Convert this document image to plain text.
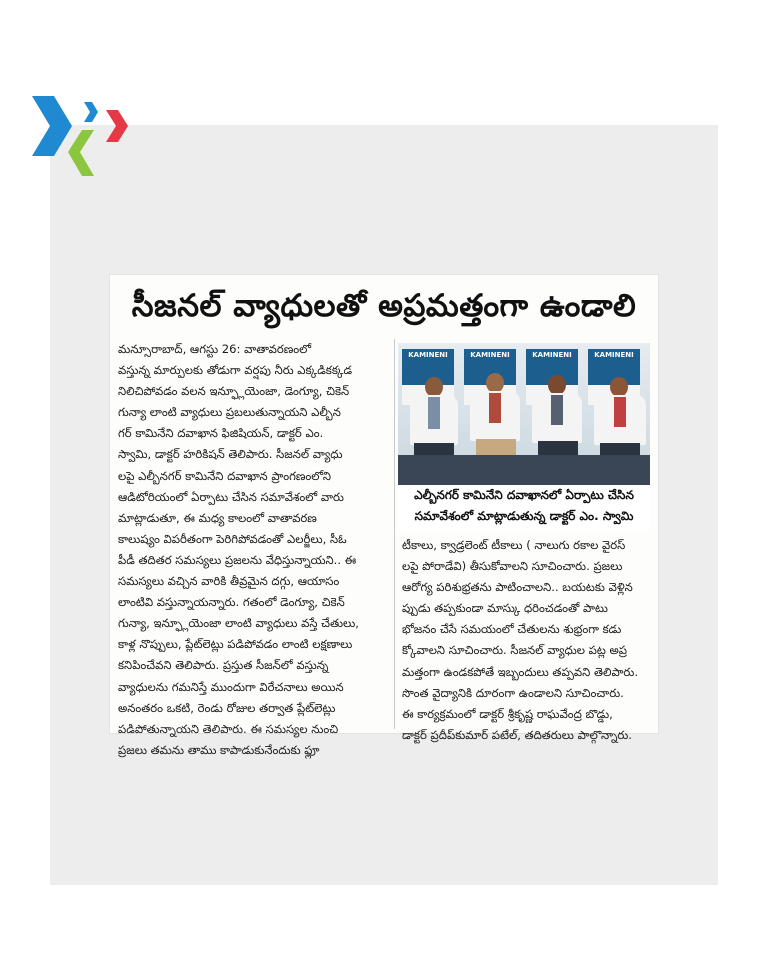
సీజనల్ వ్యాధులతో అప్రమత్తంగా ఉండాలి
మన్సూరాబాద్, ఆగస్టు 26: వాతావరణంలో
వస్తున్న మార్పులకు తోడుగా వర్షపు నీరు ఎక్కడికక్కడ
నిలిచిపోవడం వలన ఇన్ఫ్లూయెంజా, డెంగ్యూ, చికెన్
గున్యా లాంటి వ్యాధులు ప్రబలుతున్నాయని ఎల్బీన
గర్ కామినేని దవాఖాన ఫిజిషియన్, డాక్టర్ ఎం.
స్వామి, డాక్టర్ హరికిషన్ తెలిపారు. సీజనల్ వ్యాధు
లపై ఎల్బీనగర్ కామినేని దవాఖాన ప్రాంగణంలోని
ఆడిటోరియంలో ఏర్పాటు చేసిన సమావేశంలో వారు
మాట్లాడుతూ, ఈ మధ్య కాలంలో వాతావరణ
కాలుష్యం విపరీతంగా పెరిగిపోవడంతో ఎలర్జీలు, సీఓ
పీడీ తదితర సమస్యలు ప్రజలను వేధిస్తున్నాయని.. ఈ
సమస్యలు వచ్చిన వారికి తీవ్రమైన దగ్గు, ఆయాసం
లాంటివి వస్తున్నాయన్నారు. గతంలో డెంగ్యూ, చికెన్
గున్యా, ఇన్ఫ్లూయెంజా లాంటి వ్యాధులు వస్తే చేతులు,
కాళ్ల నొప్పులు, ప్లేట్‌లెట్లు పడిపోవడం లాంటి లక్షణాలు
కనిపించేవని తెలిపారు. ప్రస్తుత సీజన్‌లో వస్తున్న
వ్యాధులను గమనిస్తే ముందుగా విరేచనాలు అయిన
అనంతరం ఒకటి, రెండు రోజుల తర్వాత ప్లేట్‌లెట్లు
పడిపోతున్నాయని తెలిపారు. ఈ సమస్యల నుంచి
ప్రజలు తమను తాము కాపాడుకునేందుకు ఫ్లూ
KAMINENI	KAMINENI	KAMINENI	KAMINENI
ఎల్బీనగర్ కామినేని దవాఖానలో ఏర్పాటు చేసిన
సమావేశంలో మాట్లాడుతున్న డాక్టర్ ఎం. స్వామి
టీకాలు, క్వాడ్రలెంట్ టీకాలు ( నాలుగు రకాల వైరస్
లపై పోరాడేవి) తీసుకోవాలని సూచించారు. ప్రజలు
ఆరోగ్య పరిశుభ్రతను పాటించాలని.. బయటకు వెళ్లిన
ప్పుడు తప్పకుండా మాస్కు ధరించడంతో పాటు
భోజనం చేసే సమయంలో చేతులను శుభ్రంగా కడు
క్కోవాలని సూచించారు. సీజనల్ వ్యాధుల పట్ల అప్ర
మత్తంగా ఉండకపోతే ఇబ్బందులు తప్పవని తెలిపారు.
సొంత వైద్యానికి దూరంగా ఉండాలని సూచించారు.
ఈ కార్యక్రమంలో డాక్టర్ శ్రీకృష్ణ రాఘవేంద్ర బొడ్డు,
డాక్టర్ ప్రదీప్‌కుమార్ పటేల్, తదితరులు పాల్గొన్నారు.
